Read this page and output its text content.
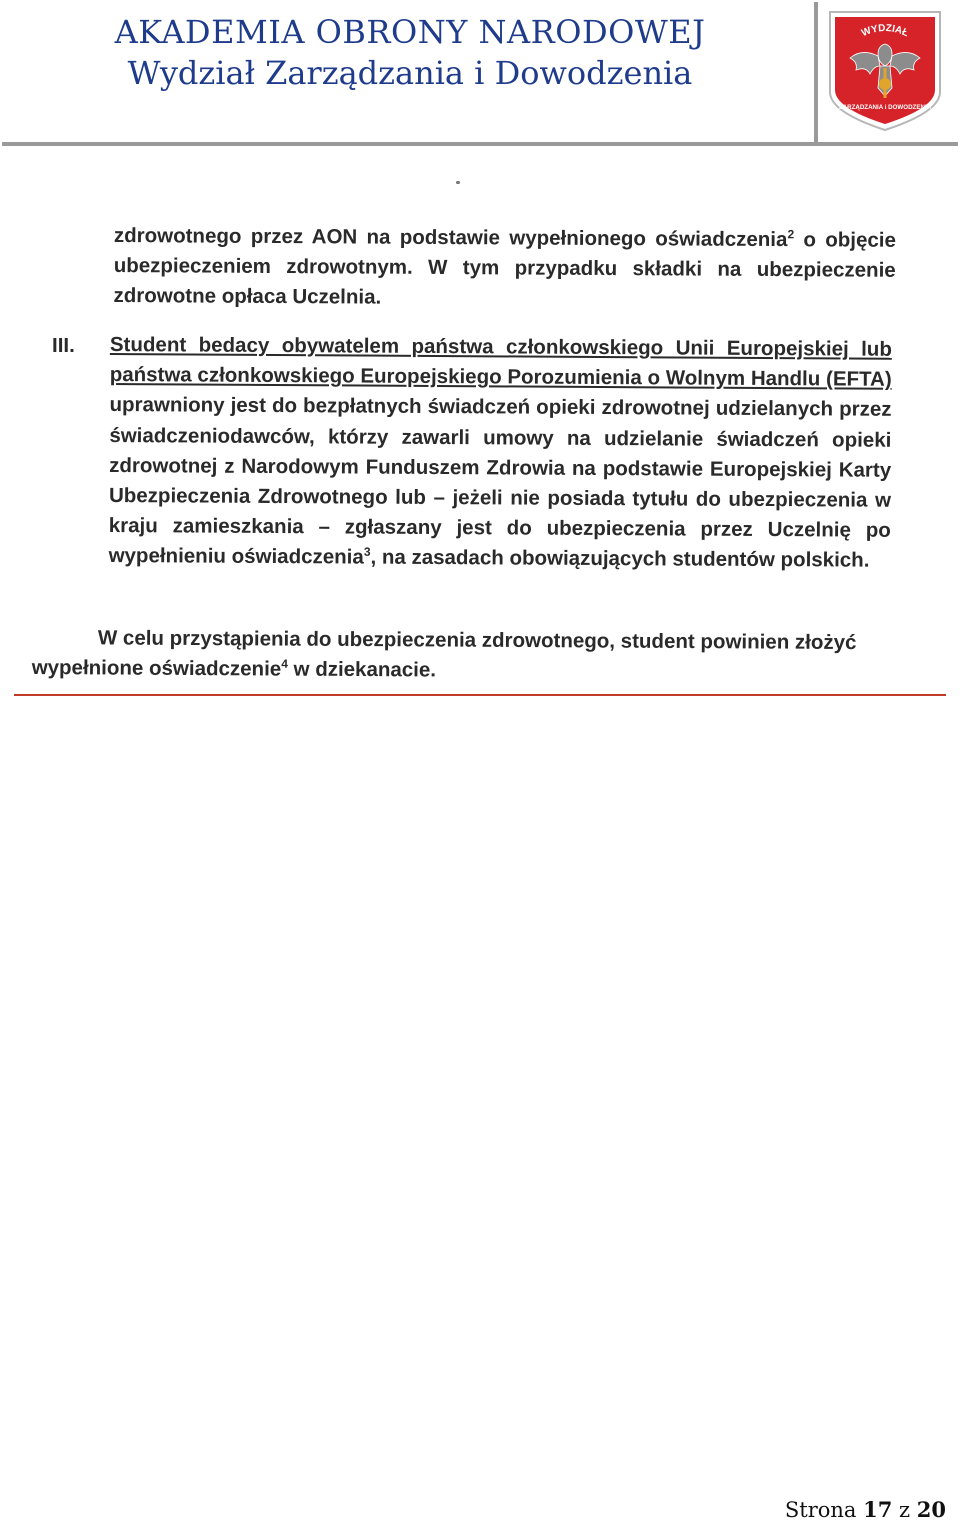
AKADEMIA OBRONY NARODOWEJ
Wydział Zarządzania i Dowodzenia
WYDZIAŁ
ZARZĄDZANIA i DOWODZENIA
zdrowotnego przez AON na podstawie wypełnionego oświadczenia$^2$ o objęcie ubezpieczeniem zdrowotnym. W tym przypadku składki na ubezpieczenie zdrowotne opłaca Uczelnia.
III. Student bedacy obywatelem państwa członkowskiego Unii Europejskiej lub państwa członkowskiego Europejskiego Porozumienia o Wolnym Handlu (EFTA) uprawniony jest do bezpłatnych świadczeń opieki zdrowotnej udzielanych przez świadczeniodawców, którzy zawarli umowy na udzielanie świadczeń opieki zdrowotnej z Narodowym Funduszem Zdrowia na podstawie Europejskiej Karty Ubezpieczenia Zdrowotnego lub – jeżeli nie posiada tytułu do ubezpieczenia w kraju zamieszkania – zgłaszany jest do ubezpieczenia przez Uczelnię po wypełnieniu oświadczenia$^3$, na zasadach obowiązujących studentów polskich.
W celu przystąpienia do ubezpieczenia zdrowotnego, student powinien złożyć wypełnione oświadczenie$^4$ w dziekanacie.
Strona 17 z 20
